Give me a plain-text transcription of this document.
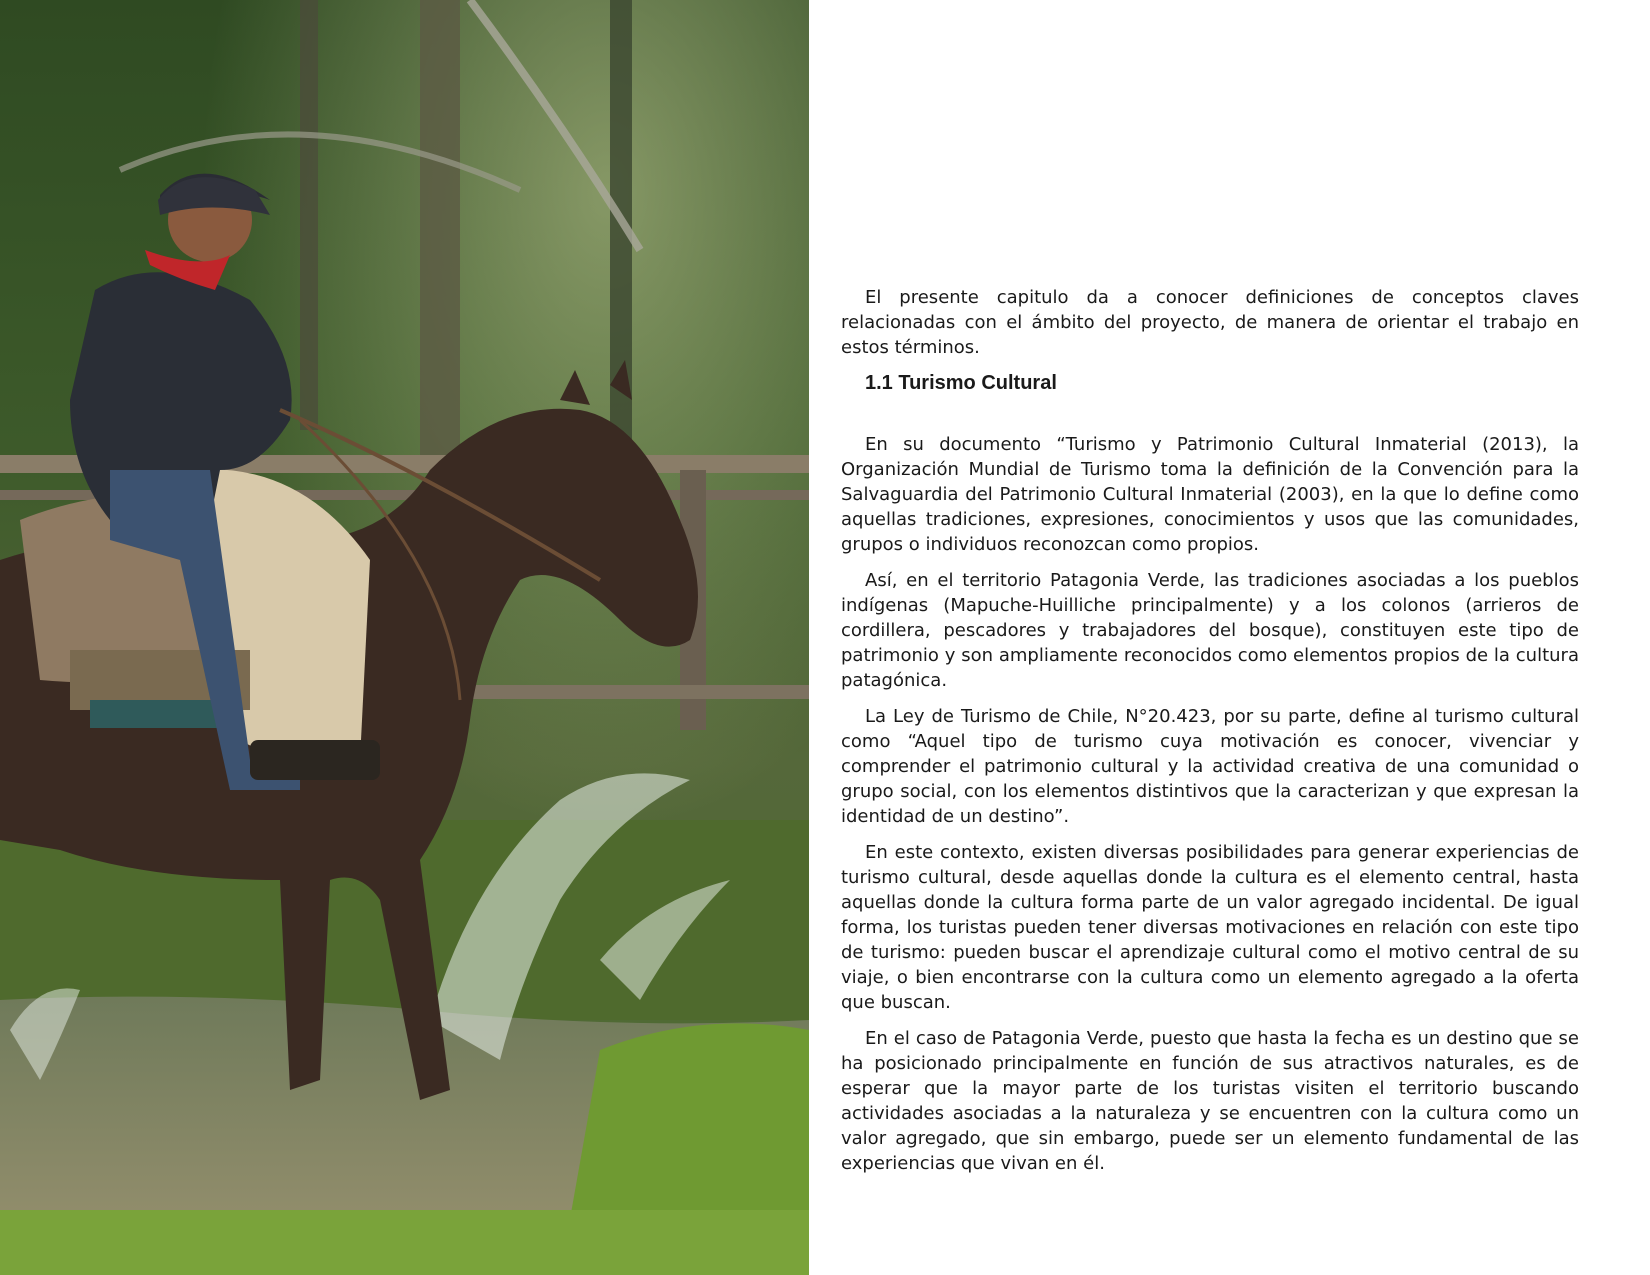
El presente capitulo da a conocer definiciones de conceptos claves relacionadas con el ámbito del proyecto, de manera de orientar el trabajo en estos términos.

1.1 Turismo Cultural

En su documento “Turismo y Patrimonio Cultural Inmaterial (2013), la Organización Mundial de Turismo toma la definición de la Convención para la Salvaguardia del Patrimonio Cultural Inmaterial (2003), en la que lo define como aquellas tradiciones, expresiones, conocimientos y usos que las comunidades, grupos o individuos reconozcan como propios.

Así, en el territorio Patagonia Verde, las tradiciones asociadas a los pueblos indígenas (Mapuche-Huilliche principalmente) y a los colonos (arrieros de cordillera, pescadores y trabajadores del bosque), constituyen este tipo de patrimonio y son ampliamente reconocidos como elementos propios de la cultura patagónica.

La Ley de Turismo de Chile, N°20.423, por su parte, define al turismo cultural como “Aquel tipo de turismo cuya motivación es conocer, vivenciar y comprender el patrimonio cultural y la actividad creativa de una comunidad o grupo social, con los elementos distintivos que la caracterizan y que expresan la identidad de un destino”.

En este contexto, existen diversas posibilidades para generar experiencias de turismo cultural, desde aquellas donde la cultura es el elemento central, hasta aquellas donde la cultura forma parte de un valor agregado incidental. De igual forma, los turistas pueden tener diversas motivaciones en relación con este tipo de turismo: pueden buscar el aprendizaje cultural como el motivo central de su viaje, o bien encontrarse con la cultura como un elemento agregado a la oferta que buscan.

En el caso de Patagonia Verde, puesto que hasta la fecha es un destino que se ha posicionado principalmente en función de sus atractivos naturales, es de esperar que la mayor parte de los turistas visiten el territorio buscando actividades asociadas a la naturaleza y se encuentren con la cultura como un valor agregado, que sin embargo, puede ser un elemento fundamental de las experiencias que vivan en él.
